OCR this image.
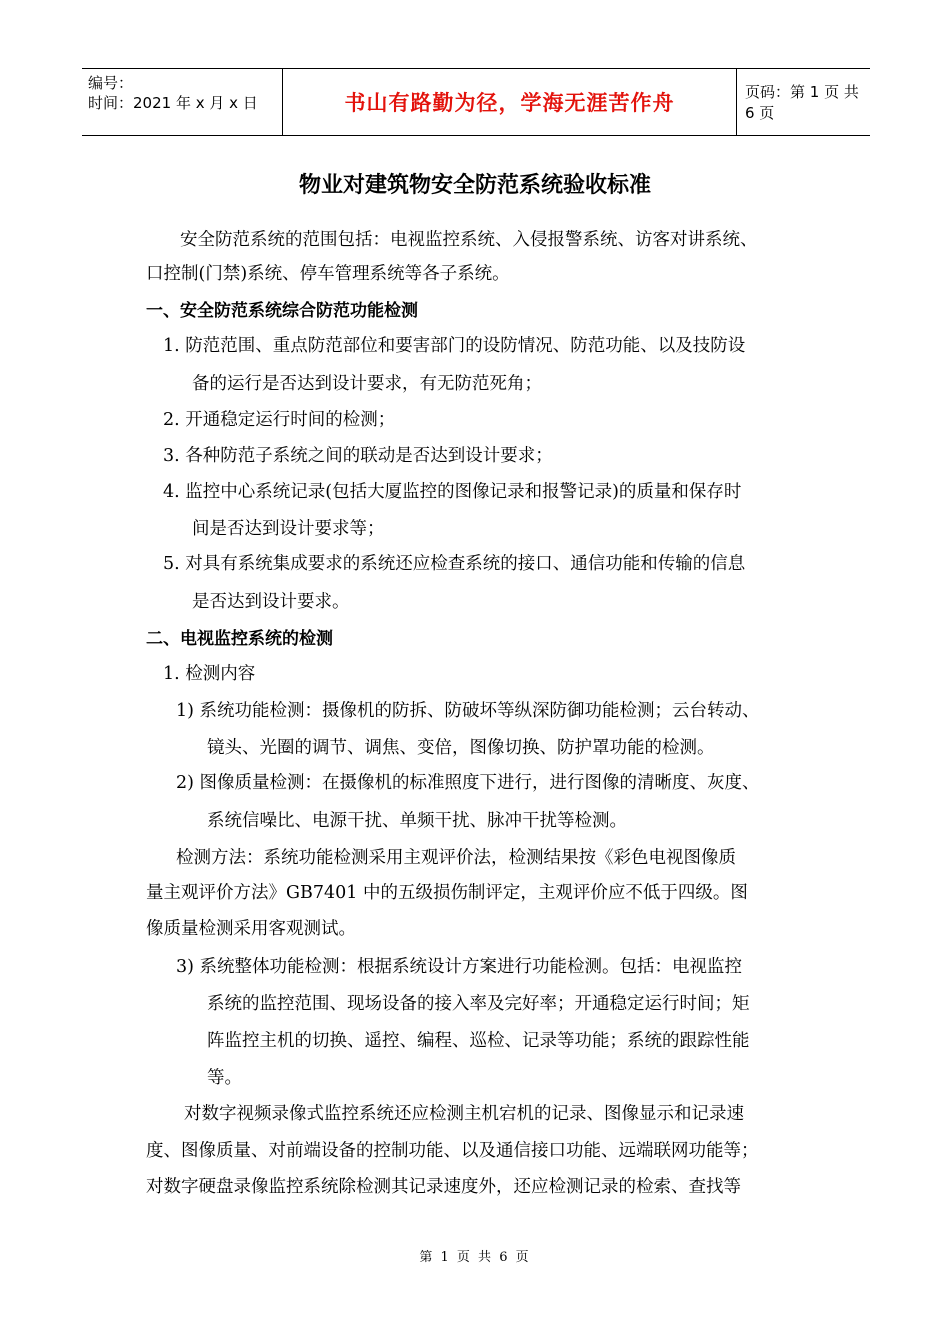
编号：
时间：2021 年 x 月 x 日	书山有路勤为径，学海无涯苦作舟	页码：第 1 页 共 6 页
物业对建筑物安全防范系统验收标准
安全防范系统的范围包括：电视监控系统、入侵报警系统、访客对讲系统、
口控制(门禁)系统、停车管理系统等各子系统。
一、安全防范系统综合防范功能检测
1. 防范范围、重点防范部位和要害部门的设防情况、防范功能、以及技防设
备的运行是否达到设计要求，有无防范死角；
2. 开通稳定运行时间的检测；
3. 各种防范子系统之间的联动是否达到设计要求；
4. 监控中心系统记录(包括大厦监控的图像记录和报警记录)的质量和保存时
间是否达到设计要求等；
5. 对具有系统集成要求的系统还应检查系统的接口、通信功能和传输的信息
是否达到设计要求。
二、电视监控系统的检测
1. 检测内容
1) 系统功能检测：摄像机的防拆、防破坏等纵深防御功能检测；云台转动、
镜头、光圈的调节、调焦、变倍，图像切换、防护罩功能的检测。
2) 图像质量检测：在摄像机的标准照度下进行，进行图像的清晰度、灰度、
系统信噪比、电源干扰、单频干扰、脉冲干扰等检测。
检测方法：系统功能检测采用主观评价法，检测结果按《彩色电视图像质
量主观评价方法》GB7401 中的五级损伤制评定，主观评价应不低于四级。图
像质量检测采用客观测试。
3) 系统整体功能检测：根据系统设计方案进行功能检测。包括：电视监控
系统的监控范围、现场设备的接入率及完好率；开通稳定运行时间；矩
阵监控主机的切换、遥控、编程、巡检、记录等功能；系统的跟踪性能
等。
对数字视频录像式监控系统还应检测主机宕机的记录、图像显示和记录速
度、图像质量、对前端设备的控制功能、以及通信接口功能、远端联网功能等；
对数字硬盘录像监控系统除检测其记录速度外，还应检测记录的检索、查找等
第 1 页 共 6 页
